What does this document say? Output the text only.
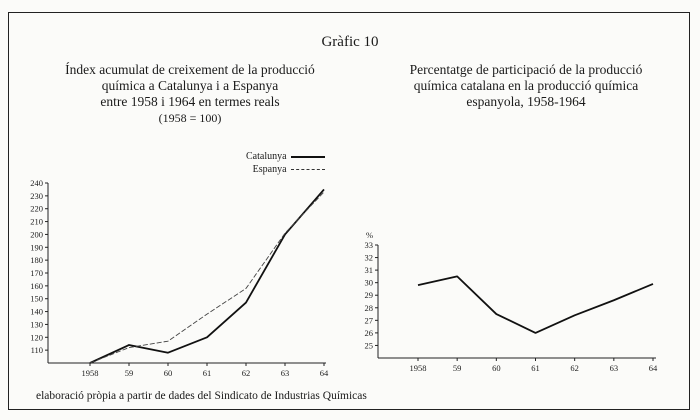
Gràfic 10
Índex acumulat de creixement de la producció
química a Catalunya i a Espanya
entre 1958 i 1964 en termes reals
(1958 = 100)
Percentatge de participació de la producció
química catalana en la producció química
espanyola, 1958-1964
Catalunya
Espanya
110
120
130
140
150
160
170
180
190
200
210
220
230
240
1958	59	60	61	62	63	64
25
26
27
28
29
30
31
32
33
%
1958	59	60	61	62	63	64
elaboració pròpia a partir de dades del Sindicato de Industrias Químicas
